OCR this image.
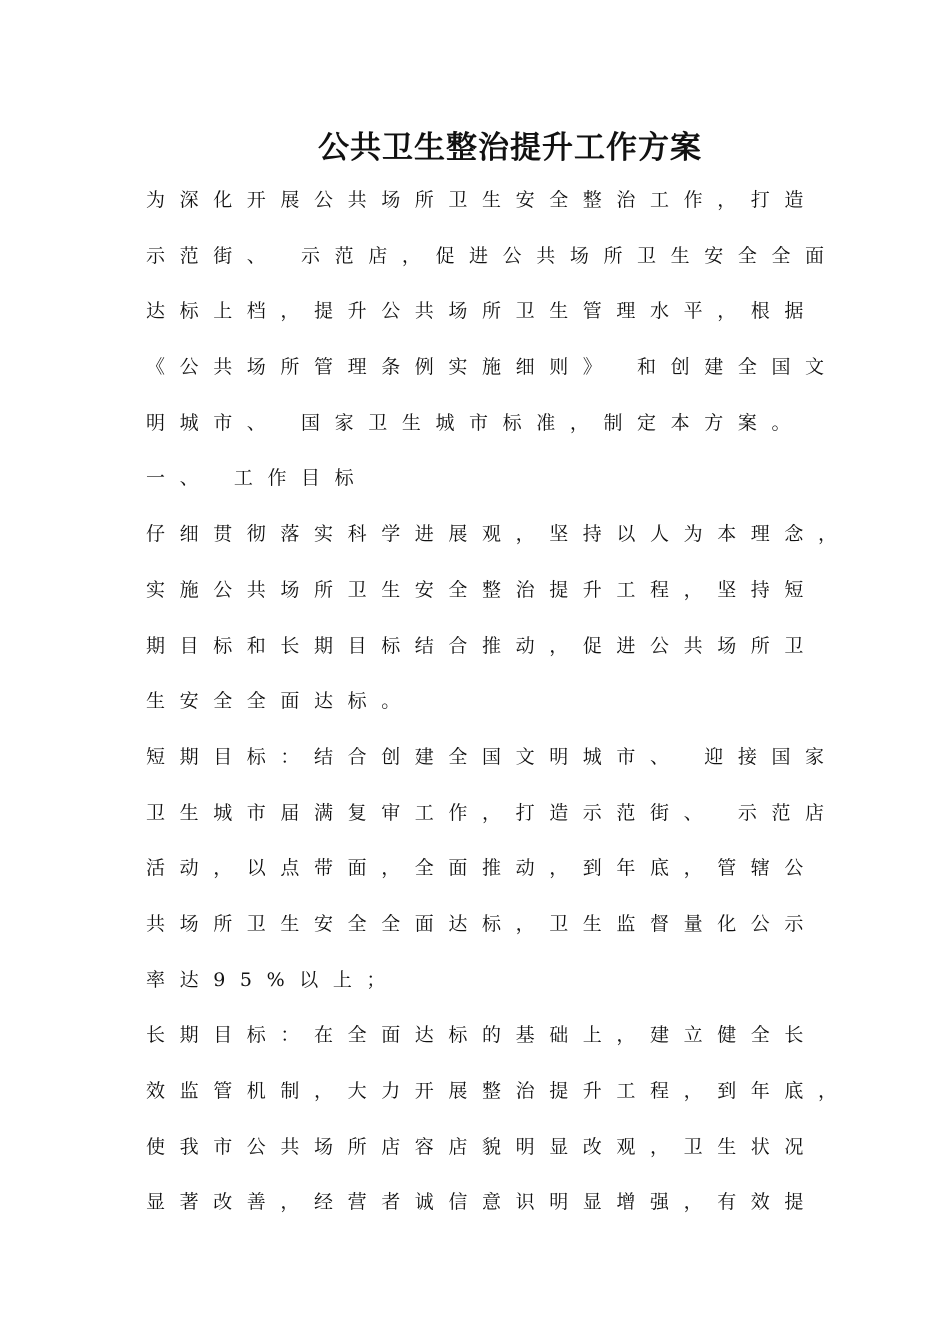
公共卫生整治提升工作方案
为深化开展公共场所卫生安全整治工作，打造
示范街、 示范店，促进公共场所卫生安全全面
达标上档，提升公共场所卫生管理水平，根据
《公共场所管理条例实施细则》 和创建全国文
明城市、 国家卫生城市标准，制定本方案。
一、 工作目标
仔细贯彻落实科学进展观，坚持以人为本理念，
实施公共场所卫生安全整治提升工程，坚持短
期目标和长期目标结合推动，促进公共场所卫
生安全全面达标。
短期目标：结合创建全国文明城市、 迎接国家
卫生城市届满复审工作，打造示范街、 示范店
活动，以点带面，全面推动，到年底，管辖公
共场所卫生安全全面达标，卫生监督量化公示
率达95%以上；
长期目标：在全面达标的基础上，建立健全长
效监管机制，大力开展整治提升工程，到年底，
使我市公共场所店容店貌明显改观，卫生状况
显著改善，经营者诚信意识明显增强，有效提
